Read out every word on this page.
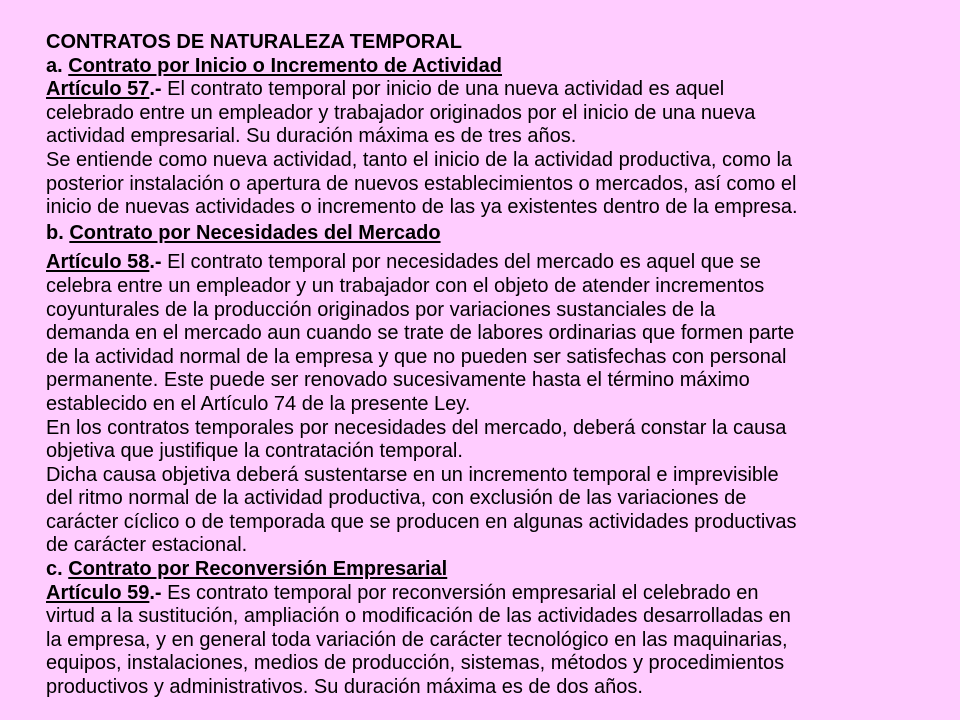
CONTRATOS DE NATURALEZA TEMPORAL
a. Contrato por Inicio o Incremento de Actividad
Artículo 57.- El contrato temporal por inicio de una nueva actividad es aquel
celebrado entre un empleador y trabajador originados por el inicio de una nueva
actividad empresarial. Su duración máxima es de tres años.
Se entiende como nueva actividad, tanto el inicio de la actividad productiva, como la
posterior instalación o apertura de nuevos establecimientos o mercados, así como el
inicio de nuevas actividades o incremento de las ya existentes dentro de la empresa.
b. Contrato por Necesidades del Mercado
Artículo 58.- El contrato temporal por necesidades del mercado es aquel que se
celebra entre un empleador y un trabajador con el objeto de atender incrementos
coyunturales de la producción originados por variaciones sustanciales de la
demanda en el mercado aun cuando se trate de labores ordinarias que formen parte
de la actividad normal de la empresa y que no pueden ser satisfechas con personal
permanente. Este puede ser renovado sucesivamente hasta el término máximo
establecido en el Artículo 74 de la presente Ley.
En los contratos temporales por necesidades del mercado, deberá constar la causa
objetiva que justifique la contratación temporal.
Dicha causa objetiva deberá sustentarse en un incremento temporal e imprevisible
del ritmo normal de la actividad productiva, con exclusión de las variaciones de
carácter cíclico o de temporada que se producen en algunas actividades productivas
de carácter estacional.
c. Contrato por Reconversión Empresarial
Artículo 59.- Es contrato temporal por reconversión empresarial el celebrado en
virtud a la sustitución, ampliación o modificación de las actividades desarrolladas en
la empresa, y en general toda variación de carácter tecnológico en las maquinarias,
equipos, instalaciones, medios de producción, sistemas, métodos y procedimientos
productivos y administrativos. Su duración máxima es de dos años.
